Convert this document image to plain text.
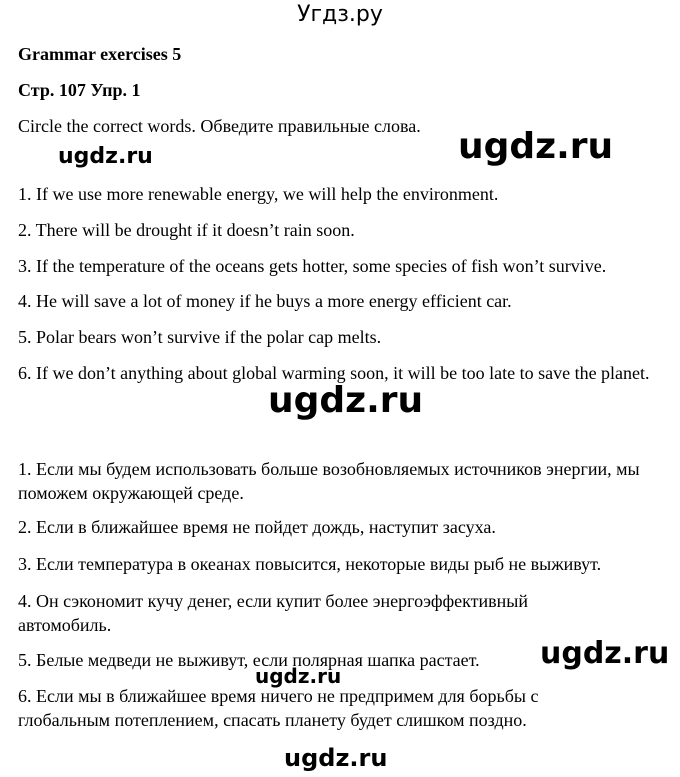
Угдз.ру
Grammar exercises 5
Стр. 107 Упр. 1
Circle the correct words. Обведите правильные слова.
1. If we use more renewable energy, we will help the environment.
2. There will be drought if it doesn’t rain soon.
3. If the temperature of the oceans gets hotter, some species of fish won’t survive.
4. He will save a lot of money if he buys a more energy efficient car.
5. Polar bears won’t survive if the polar cap melts.
6. If we don’t anything about global warming soon, it will be too late to save the planet.
1. Если мы будем использовать больше возобновляемых источников энергии, мы поможем окружающей среде.
2. Если в ближайшее время не пойдет дождь, наступит засуха.
3. Если температура в океанах повысится, некоторые виды рыб не выживут.
4. Он сэкономит кучу денег, если купит более энергоэффективный автомобиль.
5. Белые медведи не выживут, если полярная шапка растает.
6. Если мы в ближайшее время ничего не предпримем для борьбы с глобальным потеплением, спасать планету будет слишком поздно.
ugdz.ru	ugdz.ru
ugdz.ru
ugdz.ru
ugdz.ru
ugdz.ru
